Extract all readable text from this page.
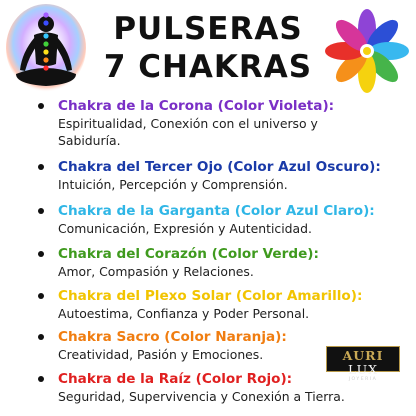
PULSERAS
7 CHAKRAS
Chakra de la Corona (Color Violeta):
Espiritualidad, Conexión con el universo y Sabiduría.
Chakra del Tercer Ojo (Color Azul Oscuro):
Intuición, Percepción y Comprensión.
Chakra de la Garganta (Color Azul Claro):
Comunicación, Expresión y Autenticidad.
Chakra del Corazón (Color Verde):
Amor, Compasión y Relaciones.
Chakra del Plexo Solar (Color Amarillo):
Autoestima, Confianza y Poder Personal.
Chakra Sacro (Color Naranja):
Creatividad, Pasión y Emociones.
Chakra de la Raíz (Color Rojo):
Seguridad, Supervivencia y Conexión a Tierra.
AURI LUX
JOYERIA
